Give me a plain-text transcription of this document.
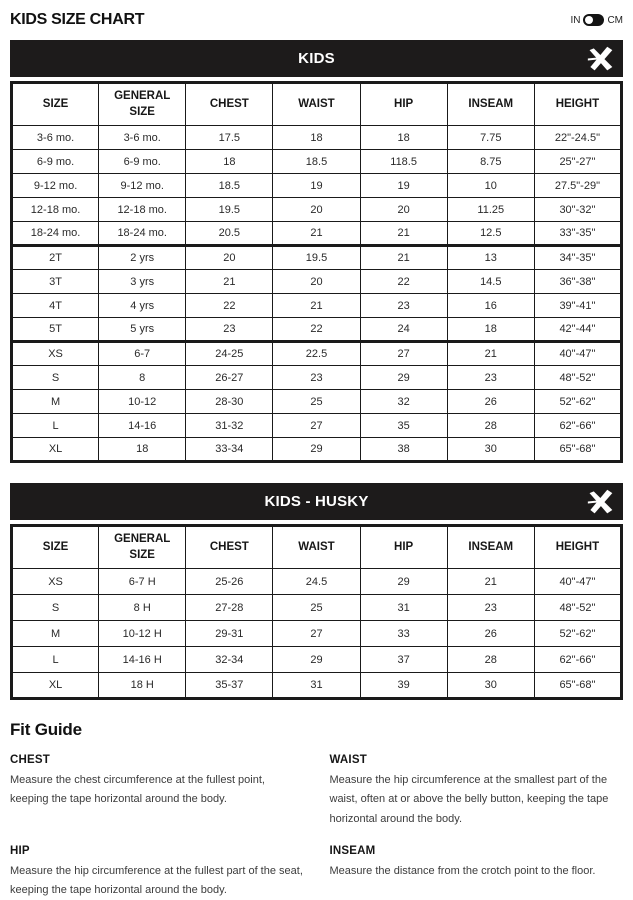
KIDS SIZE CHART	IN	CM
KIDS
SIZE	GENERAL SIZE	CHEST	WAIST	HIP	INSEAM	HEIGHT
3-6 mo.	3-6 mo.	17.5	18	18	7.75	22"-24.5"
6-9 mo.	6-9 mo.	18	18.5	118.5	8.75	25"-27"
9-12 mo.	9-12 mo.	18.5	19	19	10	27.5"-29"
12-18 mo.	12-18 mo.	19.5	20	20	11.25	30"-32"
18-24 mo.	18-24 mo.	20.5	21	21	12.5	33"-35"
2T	2 yrs	20	19.5	21	13	34"-35"
3T	3 yrs	21	20	22	14.5	36"-38"
4T	4 yrs	22	21	23	16	39"-41"
5T	5 yrs	23	22	24	18	42"-44"
XS	6-7	24-25	22.5	27	21	40"-47"
S	8	26-27	23	29	23	48"-52"
M	10-12	28-30	25	32	26	52"-62"
L	14-16	31-32	27	35	28	62"-66"
XL	18	33-34	29	38	30	65"-68"
KIDS - HUSKY
SIZE	GENERAL SIZE	CHEST	WAIST	HIP	INSEAM	HEIGHT
XS	6-7 H	25-26	24.5	29	21	40"-47"
S	8 H	27-28	25	31	23	48"-52"
M	10-12 H	29-31	27	33	26	52"-62"
L	14-16 H	32-34	29	37	28	62"-66"
XL	18 H	35-37	31	39	30	65"-68"
Fit Guide
CHEST

Measure the chest circumference at the fullest point, keeping the tape horizontal around the body.

WAIST

Measure the hip circumference at the smallest part of the waist, often at or above the belly button, keeping the tape horizontal around the body.

HIP

Measure the hip circumference at the fullest part of the seat, keeping the tape horizontal around the body.

INSEAM

Measure the distance from the crotch point to the floor.
